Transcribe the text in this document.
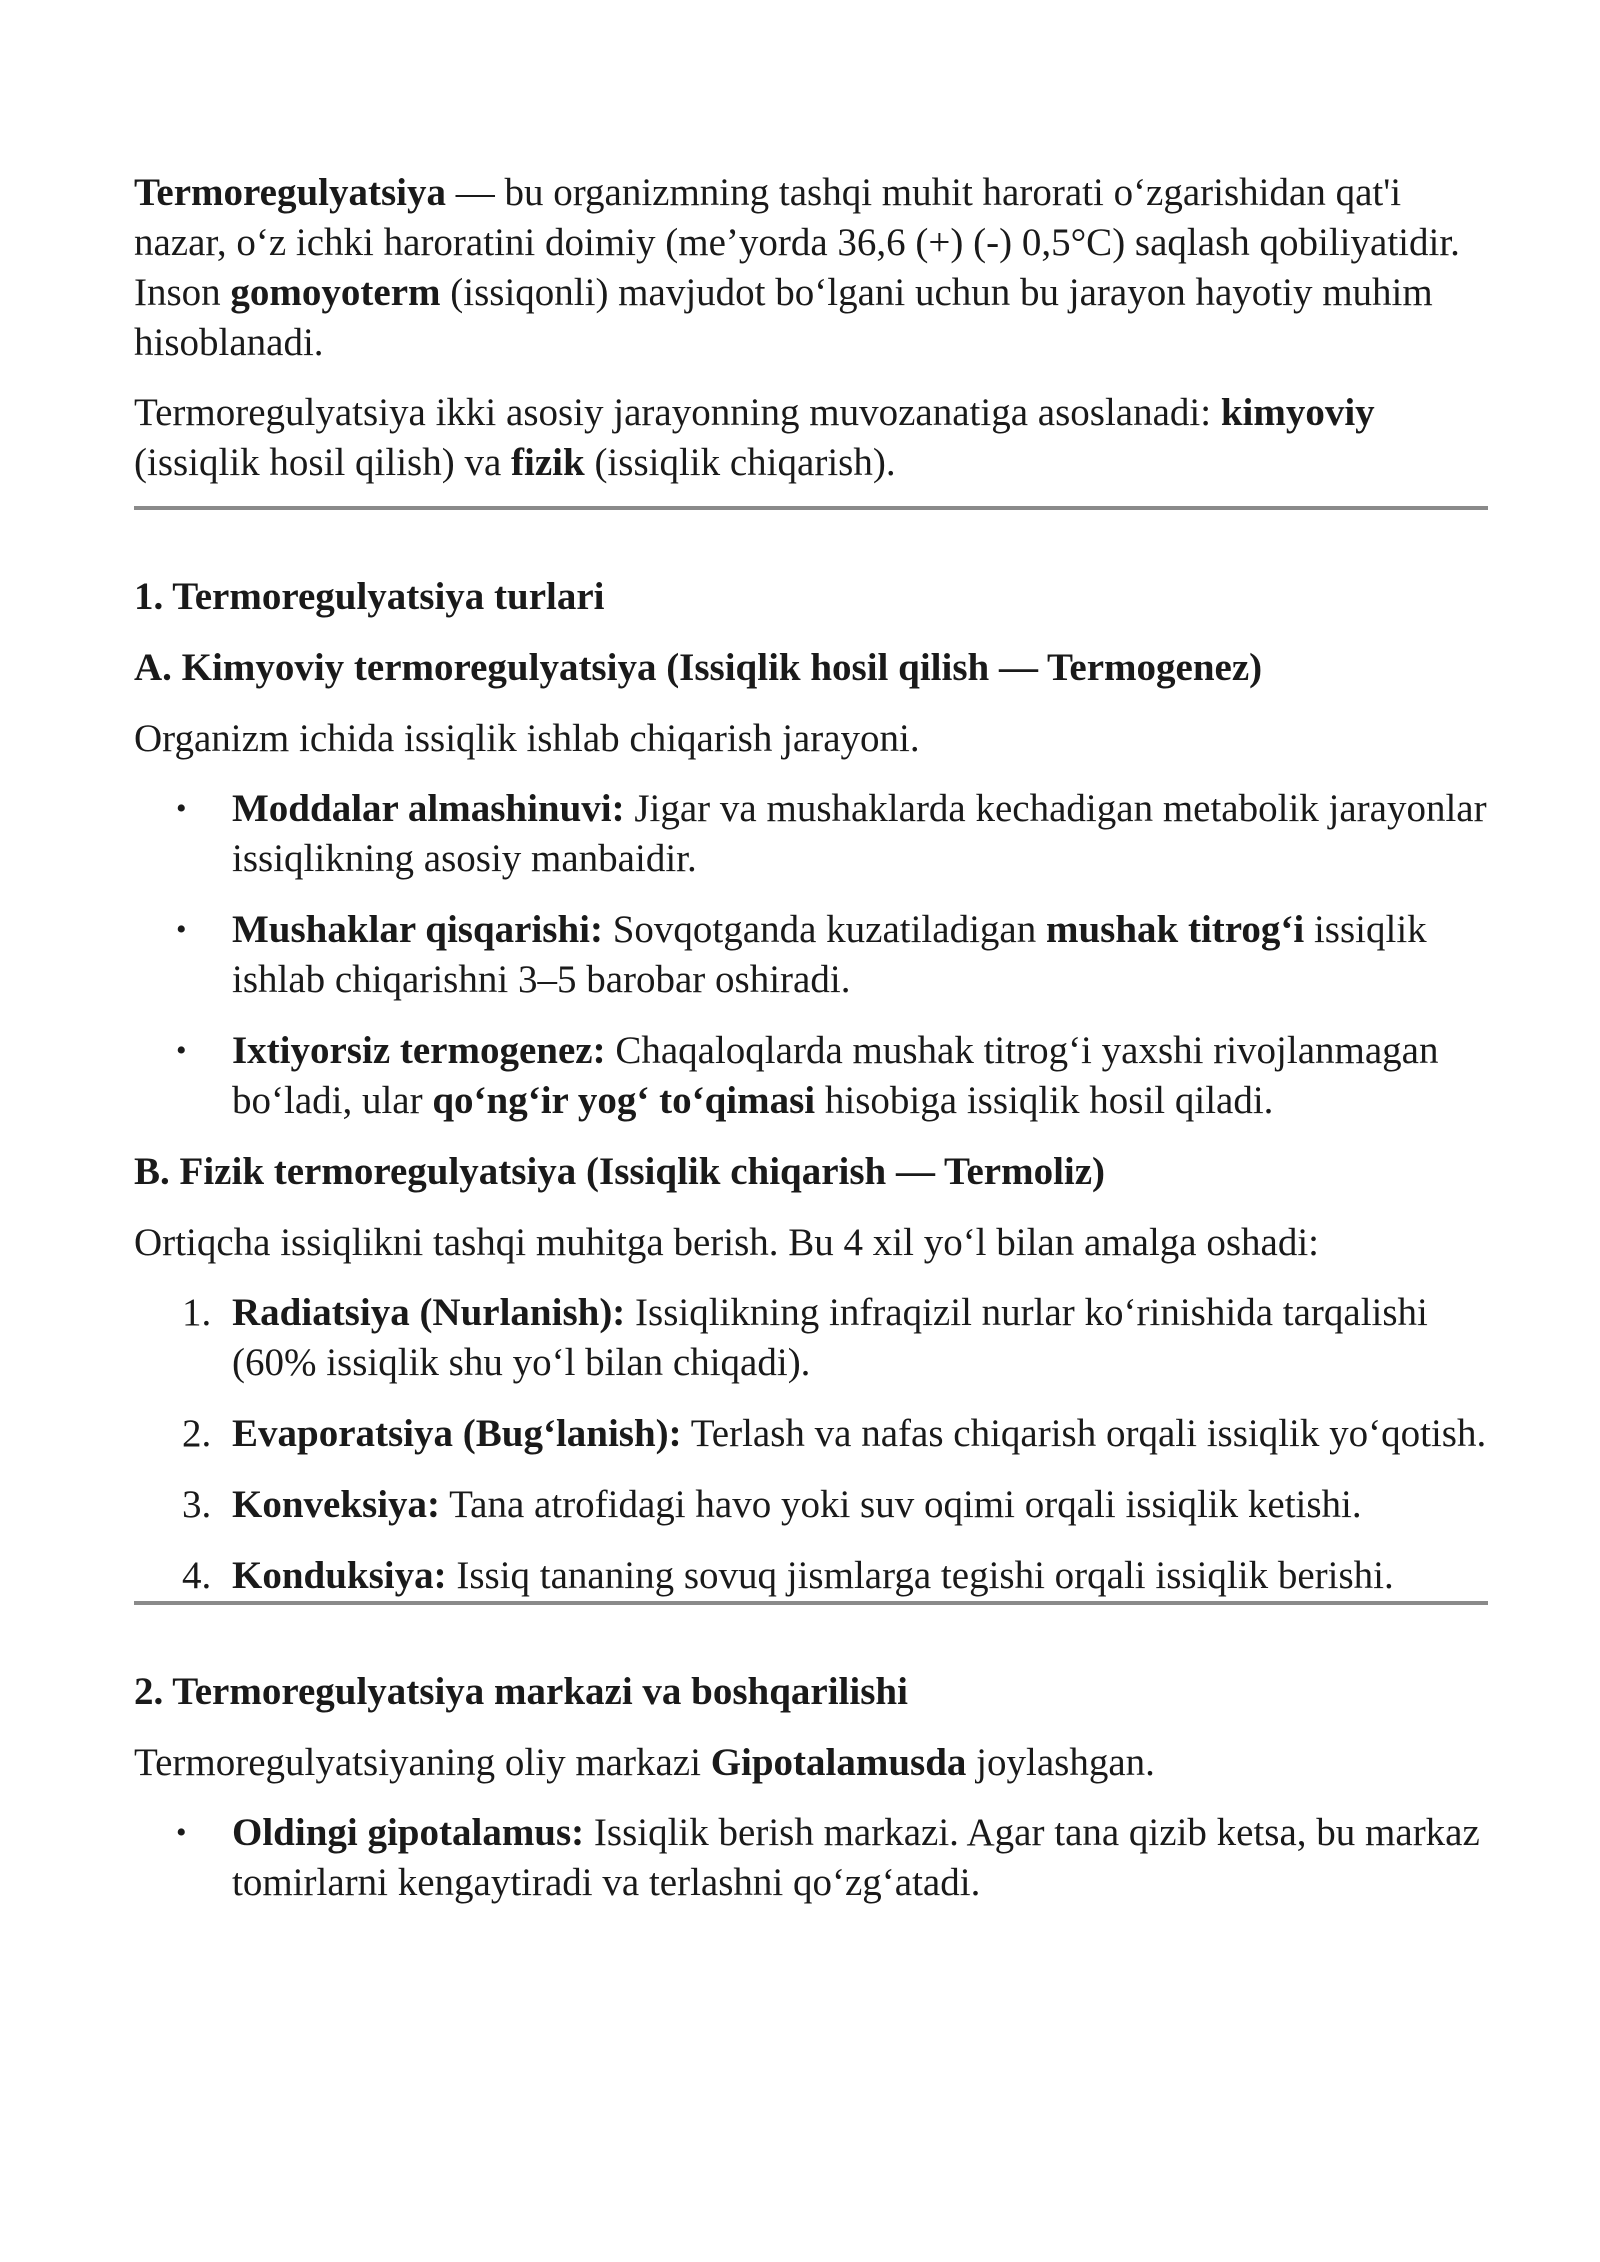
Termoregulyatsiya — bu organizmning tashqi muhit harorati o‘zgarishidan qat'i nazar, o‘z ichki haroratini doimiy (me’yorda 36,6 (+) (-) 0,5°C) saqlash qobiliyatidir. Inson gomoyoterm (issiqonli) mavjudot bo‘lgani uchun bu jarayon hayotiy muhim hisoblanadi.

Termoregulyatsiya ikki asosiy jarayonning muvozanatiga asoslanadi: kimyoviy (issiqlik hosil qilish) va fizik (issiqlik chiqarish).

1. Termoregulyatsiya turlari
A. Kimyoviy termoregulyatsiya (Issiqlik hosil qilish — Termogenez)

Organizm ichida issiqlik ishlab chiqarish jarayoni.

• Moddalar almashinuvi: Jigar va mushaklarda kechadigan metabolik jarayonlar issiqlikning asosiy manbaidir.
• Mushaklar qisqarishi: Sovqotganda kuzatiladigan mushak titrog‘i issiqlik ishlab chiqarishni 3–5 barobar oshiradi.
• Ixtiyorsiz termogenez: Chaqaloqlarda mushak titrog‘i yaxshi rivojlanmagan bo‘ladi, ular qo‘ng‘ir yog‘ to‘qimasi hisobiga issiqlik hosil qiladi.
B. Fizik termoregulyatsiya (Issiqlik chiqarish — Termoliz)

Ortiqcha issiqlikni tashqi muhitga berish. Bu 4 xil yo‘l bilan amalga oshadi:

1. Radiatsiya (Nurlanish): Issiqlikning infraqizil nurlar ko‘rinishida tarqalishi (60% issiqlik shu yo‘l bilan chiqadi).
2. Evaporatsiya (Bug‘lanish): Terlash va nafas chiqarish orqali issiqlik yo‘qotish.
3. Konveksiya: Tana atrofidagi havo yoki suv oqimi orqali issiqlik ketishi.
4. Konduksiya: Issiq tananing sovuq jismlarga tegishi orqali issiqlik berishi.
2. Termoregulyatsiya markazi va boshqarilishi

Termoregulyatsiyaning oliy markazi Gipotalamusda joylashgan.

• Oldingi gipotalamus: Issiqlik berish markazi. Agar tana qizib ketsa, bu markaz tomirlarni kengaytiradi va terlashni qo‘zg‘atadi.
